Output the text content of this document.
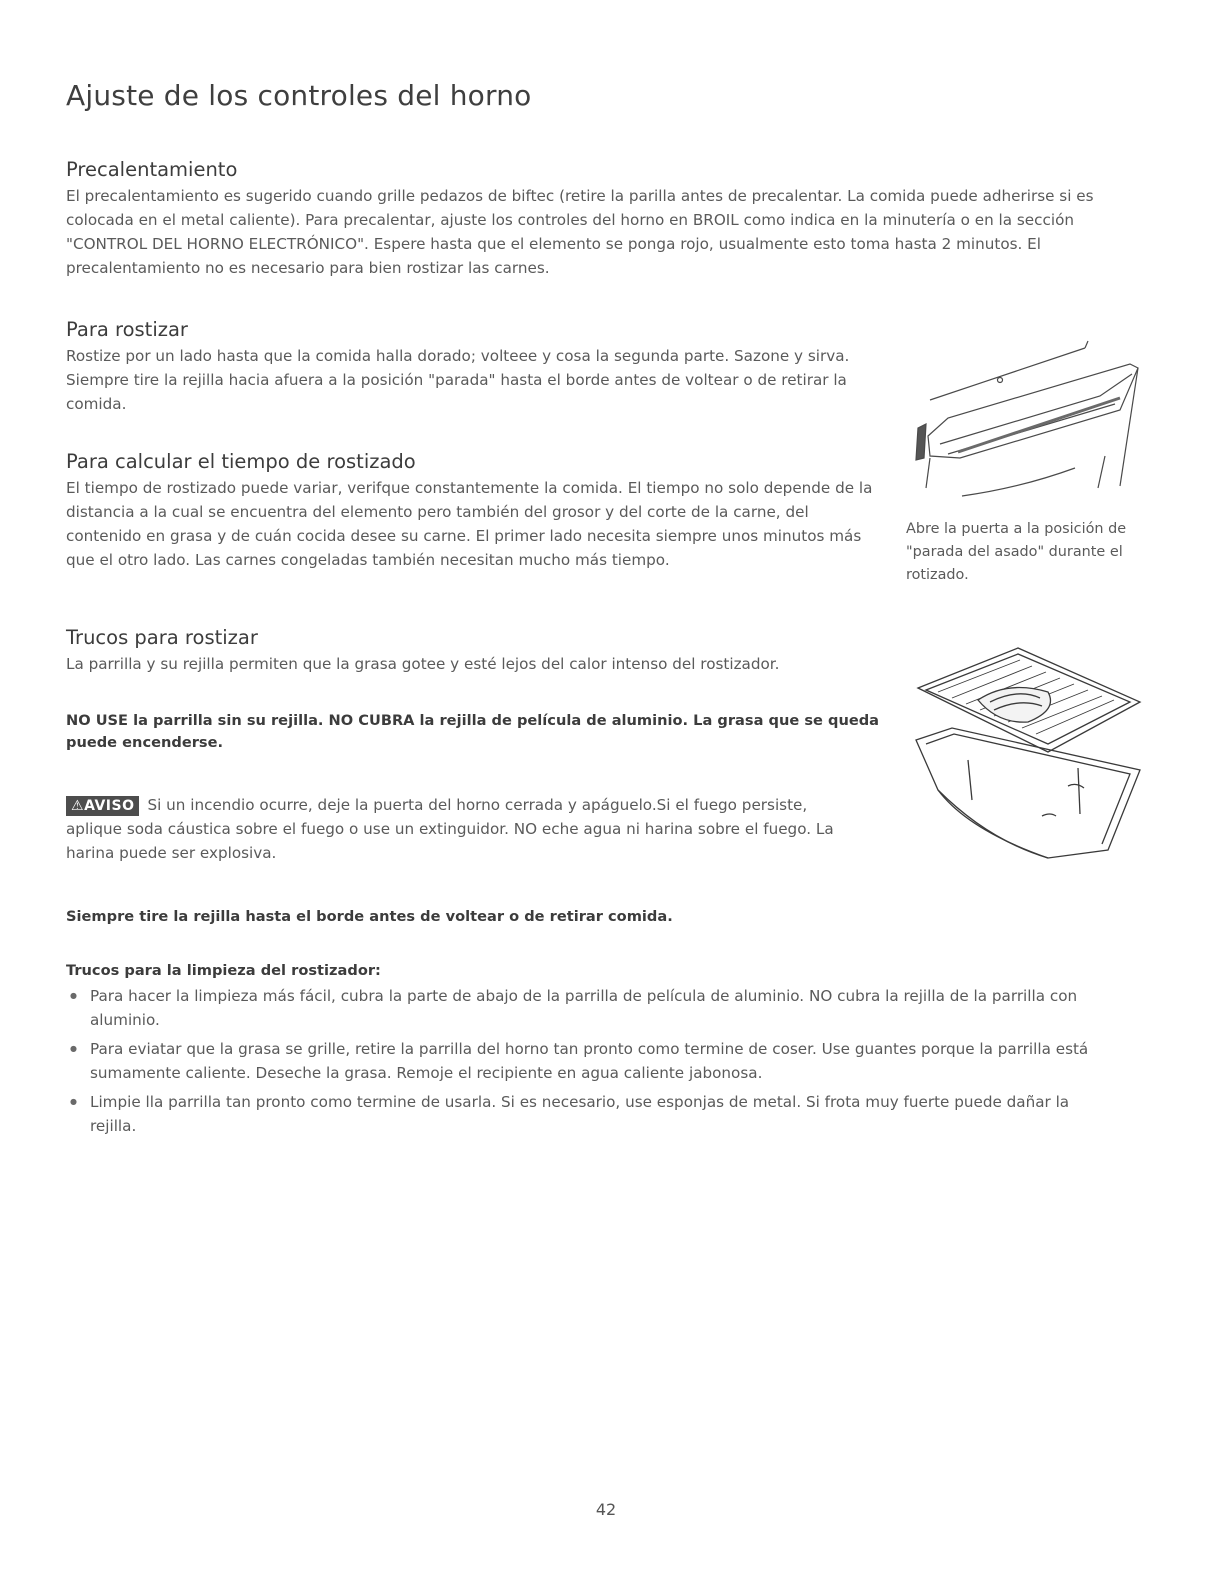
Ajuste de los controles del horno
Precalentamiento

El precalentamiento es sugerido cuando grille pedazos de biftec (retire la parilla antes de precalentar. La comida puede adherirse si es colocada en el metal caliente). Para precalentar, ajuste los controles del horno en BROIL como indica en la minutería o en la sección "CONTROL DEL HORNO ELECTRÓNICO". Espere hasta que el elemento se ponga rojo, usualmente esto toma hasta 2 minutos. El precalentamiento no es necesario para bien rostizar las carnes.

Para rostizar

Rostize por un lado hasta que la comida halla dorado; volteee y cosa la segunda parte. Sazone y sirva. Siempre tire la rejilla hacia afuera a la posición "parada" hasta el borde antes de voltear o de retirar la comida.

Para calcular el tiempo de rostizado

El tiempo de rostizado puede variar, verifque constantemente la comida. El tiempo no solo depende de la distancia a la cual se encuentra del elemento pero también del grosor y del corte de la carne, del contenido en grasa y de cuán cocida desee su carne. El primer lado necesita siempre unos minutos más que el otro lado. Las carnes congeladas también necesitan mucho más tiempo.

Abre la puerta a la posición de "parada del asado" durante el rotizado.

Trucos para rostizar

La parrilla y su rejilla permiten que la grasa gotee y esté lejos del calor intenso del rostizador.

NO USE la parrilla sin su rejilla. NO CUBRA la rejilla de película de aluminio. La grasa que se queda puede encenderse.

⚠AVISO Si un incendio ocurre, deje la puerta del horno cerrada y apáguelo.Si el fuego persiste, aplique soda cáustica sobre el fuego o use un extinguidor. NO eche agua ni harina sobre el fuego. La harina puede ser explosiva.

Siempre tire la rejilla hasta el borde antes de voltear o de retirar comida.

Trucos para la limpieza del rostizador:
● Para hacer la limpieza más fácil, cubra la parte de abajo de la parrilla de película de aluminio. NO cubra la rejilla de la parrilla con aluminio.
● Para eviatar que la grasa se grille, retire la parrilla del horno tan pronto como termine de coser. Use guantes porque la parrilla está sumamente caliente. Deseche la grasa. Remoje el recipiente en agua caliente jabonosa.
● Limpie lla parrilla tan pronto como termine de usarla. Si es necesario, use esponjas de metal. Si frota muy fuerte puede dañar la rejilla.
42
